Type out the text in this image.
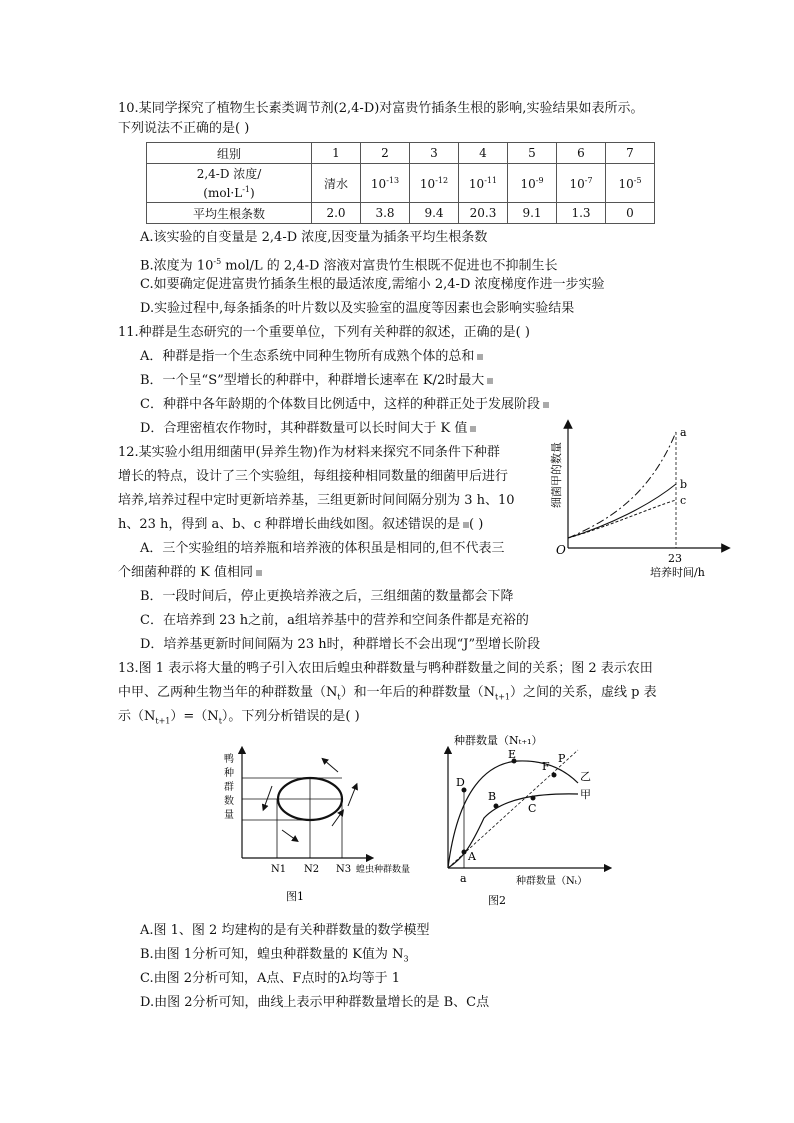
10.某同学探究了植物生长素类调节剂(2,4-D)对富贵竹插条生根的影响,实验结果如表所示。
下列说法不正确的是( )
组别	1	2	3	4	5	6	7
2,4-D 浓度/
$(mol\cdot L^{-1})$	清水	$10^{-13}$	$10^{-12}$	$10^{-11}$	$10^{-9}$	$10^{-7}$	$10^{-5}$
平均生根条数	2.0	3.8	9.4	20.3	9.1	1.3	0
A.该实验的自变量是 2,4-D 浓度,因变量为插条平均生根条数
B.浓度为 $10^{-5}$ mol/L 的 2,4-D 溶液对富贵竹生根既不促进也不抑制生长
C.如要确定促进富贵竹插条生根的最适浓度,需缩小 2,4-D 浓度梯度作进一步实验
D.实验过程中,每条插条的叶片数以及实验室的温度等因素也会影响实验结果
11.种群是生态研究的一个重要单位，下列有关种群的叙述，正确的是( )
A．种群是指一个生态系统中同种生物所有成熟个体的总和
B．一个呈“S”型增长的种群中，种群增长速率在 K/2时最大
C．种群中各年龄期的个体数目比例适中，这样的种群正处于发展阶段
D．合理密植农作物时，其种群数量可以长时间大于 K 值
12.某实验小组用细菌甲(异养生物)作为材料来探究不同条件下种群
增长的特点，设计了三个实验组，每组接种相同数量的细菌甲后进行
培养,培养过程中定时更新培养基，三组更新时间间隔分别为 3 h、10
h、23 h，得到 a、b、c 种群增长曲线如图。叙述错误的是 ( )
A．三个实验组的培养瓶和培养液的体积虽是相同的,但不代表三
个细菌种群的 K 值相同
B．一段时间后，停止更换培养液之后，三组细菌的数量都会下降
C．在培养到 23 h之前，a组培养基中的营养和空间条件都是充裕的
D．培养基更新时间间隔为 23 h时，种群增长不会出现“J”型增长阶段
a
b
c
O
23
培养时间/h
细菌甲的数量
13.图 1 表示将大量的鸭子引入农田后蝗虫种群数量与鸭种群数量之间的关系；图 2 表示农田
中甲、乙两种生物当年的种群数量$(N_t)$和一年后的种群数量$(N_{t+1})$之间的关系，虚线 p 表
示$(N_{t+1})=(N_t)$。下列分析错误的是( )
鸭
种
群
数
量
N1 N2 N3 蝗虫种群数量
图1
种群数量（Nₜ₊₁）
D
E
F
P
B
C
A
a
乙
甲
种群数量（Nₜ）
图2
A.图 1、图 2 均建构的是有关种群数量的数学模型
B.由图 1分析可知，蝗虫种群数量的 K值为 $N_3$
C.由图 2分析可知，A点、F点时的λ均等于 1
D.由图 2分析可知，曲线上表示甲种群数量增长的是 B、C点
